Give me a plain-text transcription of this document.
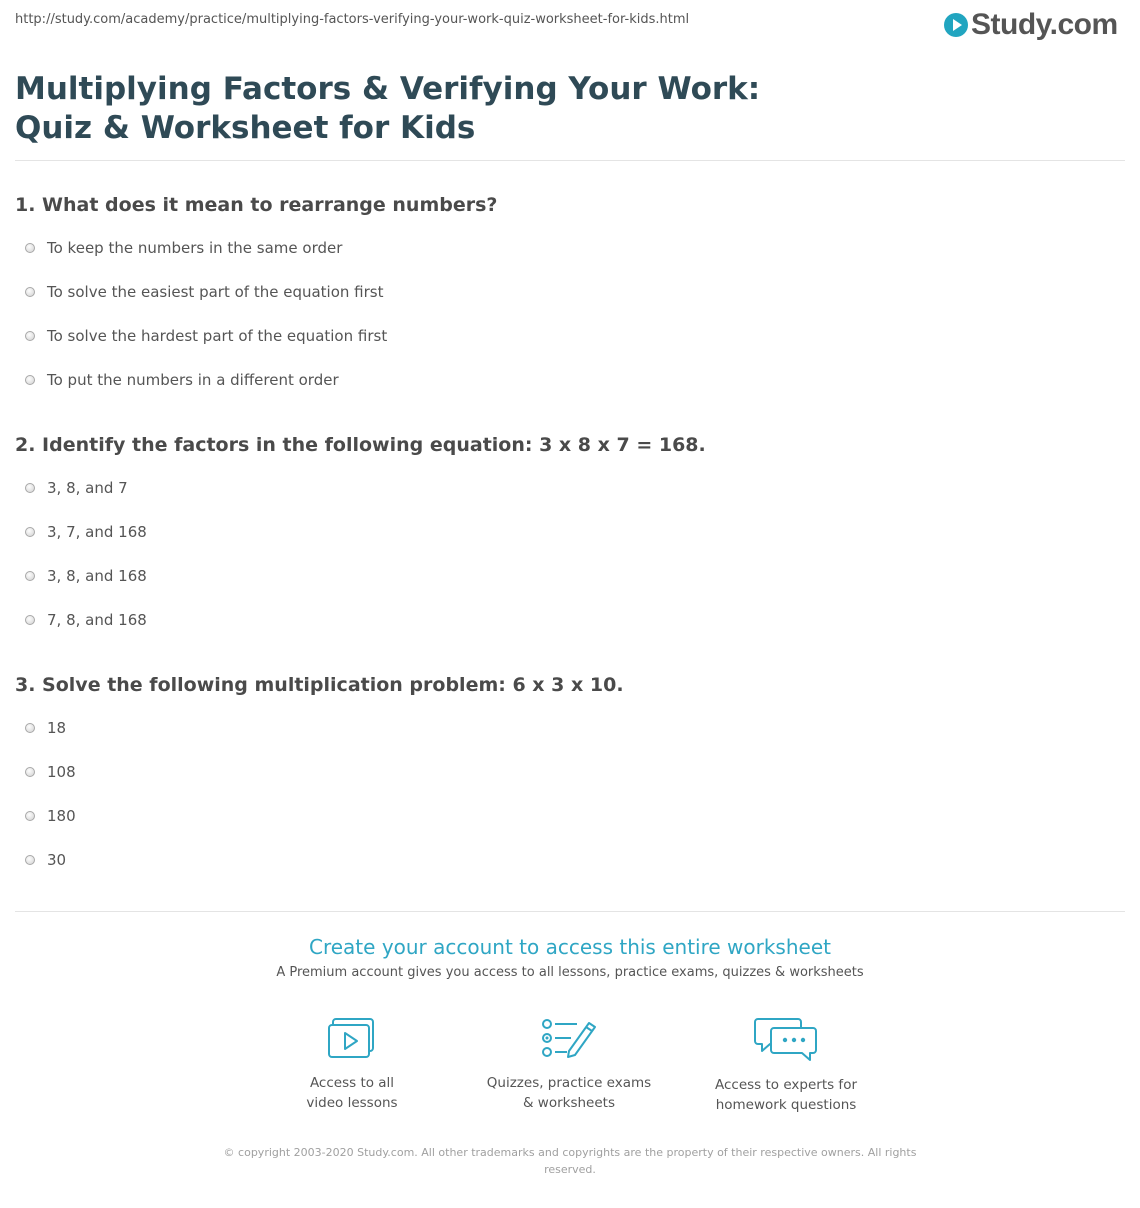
http://study.com/academy/practice/multiplying-factors-verifying-your-work-quiz-worksheet-for-kids.html	Study.com
Multiplying Factors & Verifying Your Work: Quiz & Worksheet for Kids
1. What does it mean to rearrange numbers?
To keep the numbers in the same order
To solve the easiest part of the equation first
To solve the hardest part of the equation first
To put the numbers in a different order
2. Identify the factors in the following equation: 3 x 8 x 7 = 168.
3, 8, and 7
3, 7, and 168
3, 8, and 168
7, 8, and 168
3. Solve the following multiplication problem: 6 x 3 x 10.
18
108
180
30
Create your account to access this entire worksheet
A Premium account gives you access to all lessons, practice exams, quizzes & worksheets
Access to all
video lessons
Quizzes, practice exams
& worksheets
Access to experts for
homework questions
© copyright 2003-2020 Study.com. All other trademarks and copyrights are the property of their respective owners. All rights reserved.
